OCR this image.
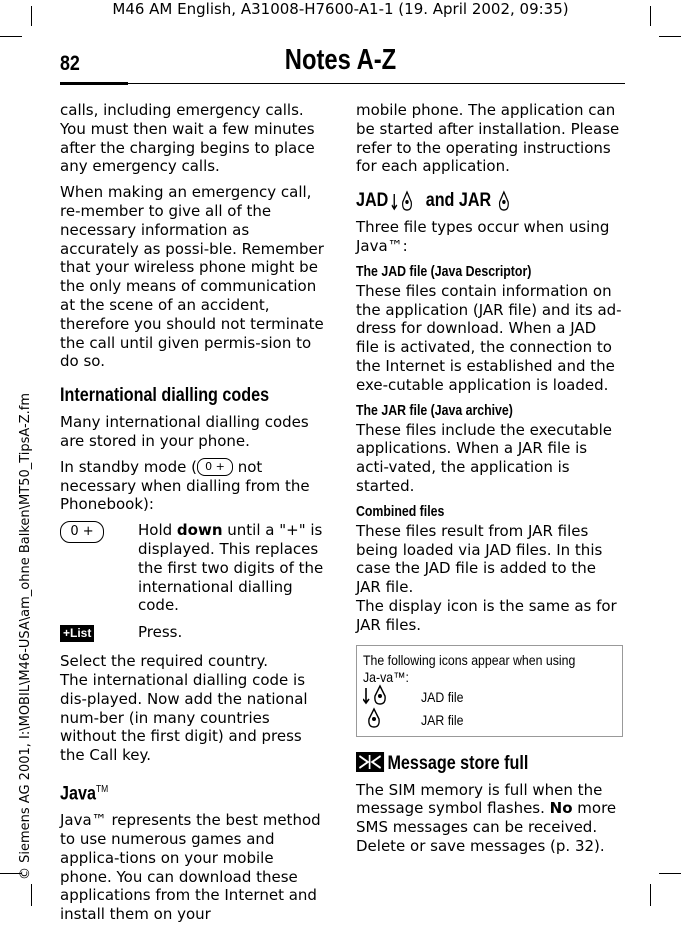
M46 AM English, A31008-H7600-A1-1 (19. April 2002, 09:35)
82	Notes A-Z
© Siemens AG 2001, I:\MOBIL\M46-USA\am_ohne Balken\MT50_TipsA-Z.fm

calls, including emergency calls. You must then wait a few minutes after the charging begins to place any emergency calls.

When making an emergency call, re-member to give all of the necessary information as accurately as possi-ble. Remember that your wireless phone might be the only means of communication at the scene of an accident, therefore you should not terminate the call until given permis-sion to do so.

International dialling codes

Many international dialling codes are stored in your phone.

In standby mode ( 0 + not necessary when dialling from the Phonebook):

0 +	Hold down until a "+" is displayed. This replaces the first two digits of the international dialling code.
+List	Press.

Select the required country.
The international dialling code is dis-played. Now add the national num-ber (in many countries without the first digit) and press the Call key.

Java™

Java™ represents the best method to use numerous games and applica-tions on your mobile phone. You can download these applications from the Internet and install them on your

mobile phone. The application can be started after installation. Please refer to the operating instructions for each application.

JAD and JAR

Three file types occur when using Java™:

The JAD file (Java Descriptor)

These files contain information on the application (JAR file) and its ad-dress for download. When a JAD file is activated, the connection to the Internet is established and the exe-cutable application is loaded.

The JAR file (Java archive)

These files include the executable applications. When a JAR file is acti-vated, the application is started.

Combined files

These files result from JAR files being loaded via JAD files. In this case the JAD file is added to the JAR file.
The display icon is the same as for JAR files.

The following icons appear when using Ja-va™:
JAD file
JAR file
Message store full

The SIM memory is full when the message symbol flashes. No more SMS messages can be received. Delete or save messages (p. 32).
